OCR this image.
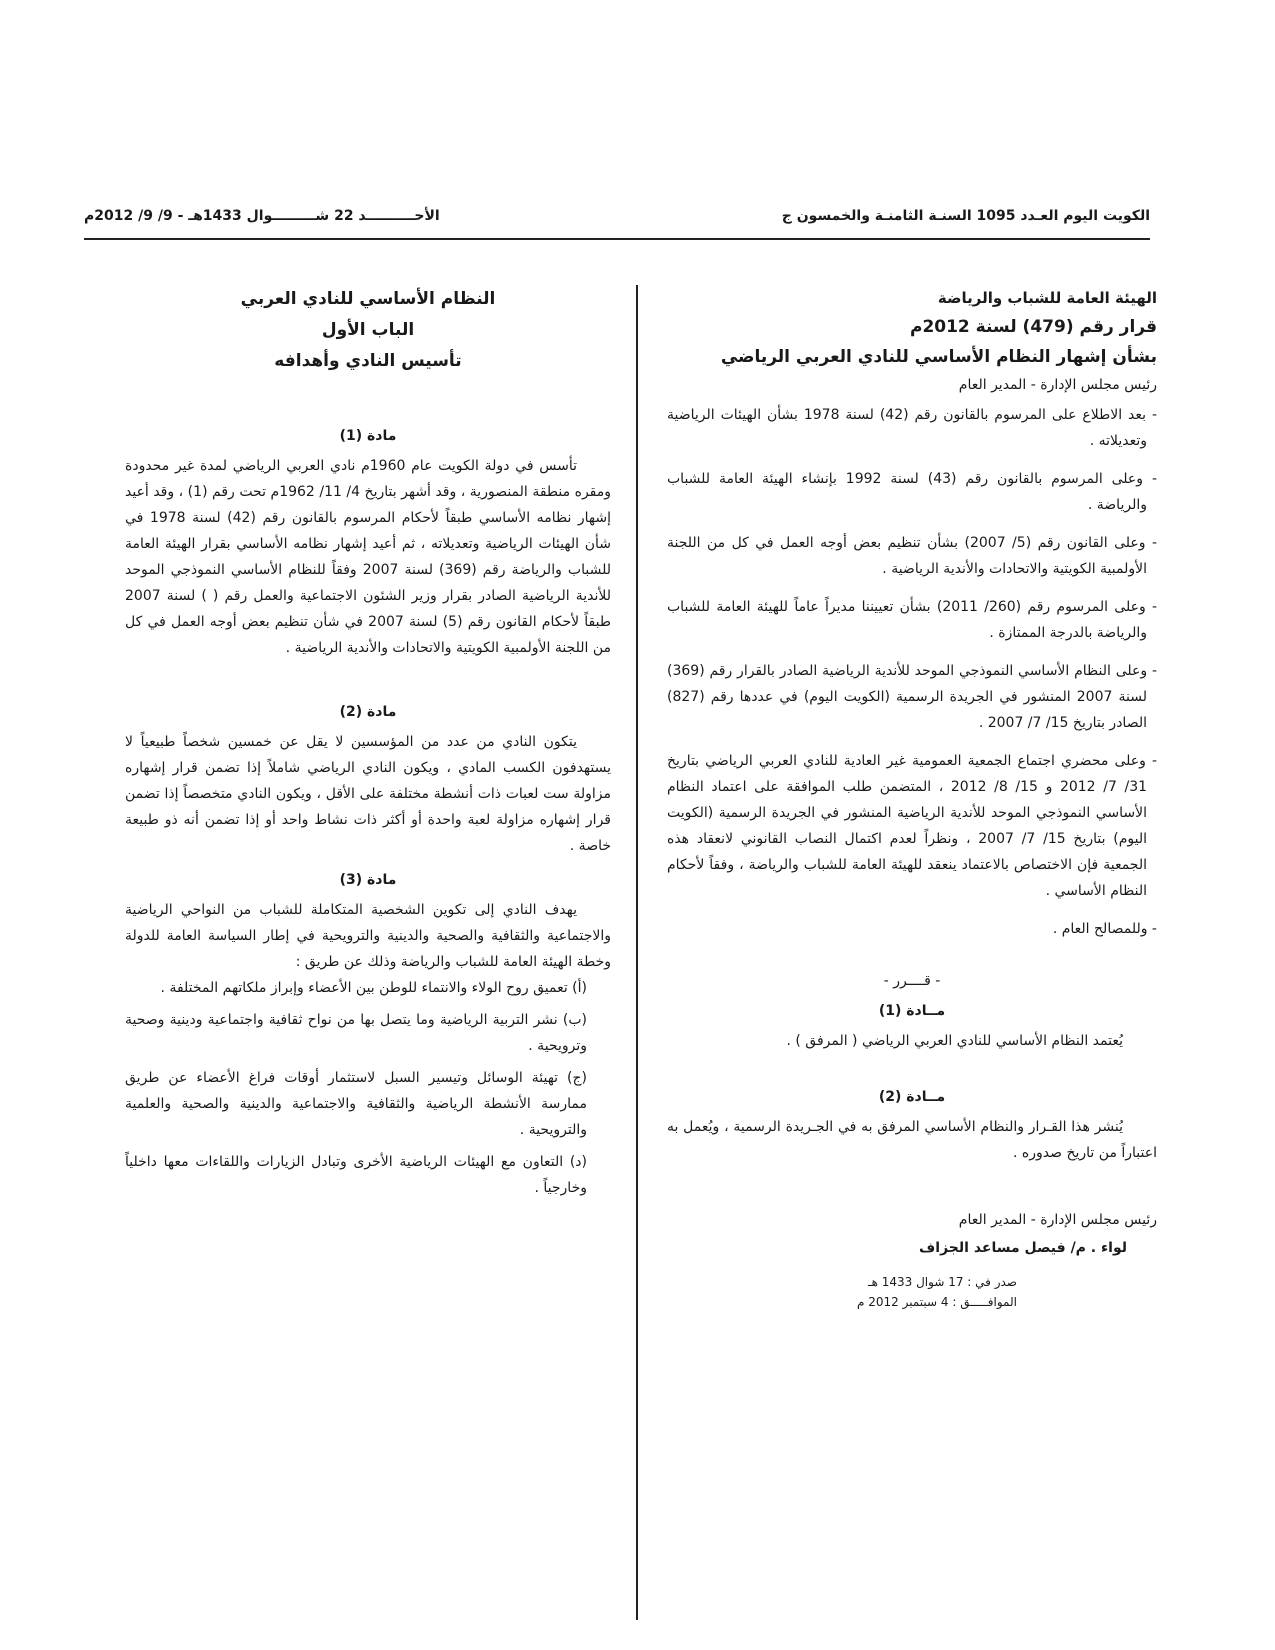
الكويت اليوم العـدد 1095 السنـة الثامنـة والخمسون ج
الأحــــــــــد 22 شـــــــــوال 1433هـ - 9/ 9/ 2012م
الهيئة العامة للشباب والرياضة
قرار رقم (479) لسنة 2012م
بشأن إشهار النظام الأساسي للنادي العربي الرياضي
رئيس مجلس الإدارة - المدير العام

- بعد الاطلاع على المرسوم بالقانون رقم (42) لسنة 1978 بشأن الهيئات الرياضية وتعديلاته .

- وعلى المرسوم بالقانون رقم (43) لسنة 1992 بإنشاء الهيئة العامة للشباب والرياضة .

- وعلى القانون رقم (5/ 2007) بشأن تنظيم بعض أوجه العمل في كل من اللجنة الأولمبية الكويتية والاتحادات والأندية الرياضية .

- وعلى المرسوم رقم (260/ 2011) بشأن تعييننا مديراً عاماً للهيئة العامة للشباب والرياضة بالدرجة الممتازة .

- وعلى النظام الأساسي النموذجي الموحد للأندية الرياضية الصادر بالقرار رقم (369) لسنة 2007 المنشور في الجريدة الرسمية (الكويت اليوم) في عددها رقم (827) الصادر بتاريخ 15/ 7/ 2007 .

- وعلى محضري اجتماع الجمعية العمومية غير العادية للنادي العربي الرياضي بتاريخ 31/ 7/ 2012 و 15/ 8/ 2012 ، المتضمن طلب الموافقة على اعتماد النظام الأساسي النموذجي الموحد للأندية الرياضية المنشور في الجريدة الرسمية (الكويت اليوم) بتاريخ 15/ 7/ 2007 ، ونظراً لعدم اكتمال النصاب القانوني لانعقاد هذه الجمعية فإن الاختصاص بالاعتماد ينعقد للهيئة العامة للشباب والرياضة ، وفقاً لأحكام النظام الأساسي .

- وللمصالح العام .

- قــــرر -
مــادة (1)

يُعتمد النظام الأساسي للنادي العربي الرياضي ( المرفق ) .

مــادة (2)

يُنشر هذا القـرار والنظام الأساسي المرفق به في الجـريدة الرسمية ، ويُعمل به اعتباراً من تاريخ صدوره .

رئيس مجلس الإدارة - المدير العام
لواء . م/ فيصل مساعد الجزاف
صدر في : 17 شوال 1433 هـ
الموافـــــق : 4 سبتمبر 2012 م
النظام الأساسي للنادي العربي
الباب الأول
تأسيس النادي وأهدافه
مادة (1)

تأسس في دولة الكويت عام 1960م نادي العربي الرياضي لمدة غير محدودة ومقره منطقة المنصورية ، وقد أشهر بتاريخ 4/ 11/ 1962م تحت رقم (1) ، وقد أعيد إشهار نظامه الأساسي طبقاً لأحكام المرسوم بالقانون رقم (42) لسنة 1978 في شأن الهيئات الرياضية وتعديلاته ، ثم أعيد إشهار نظامه الأساسي بقرار الهيئة العامة للشباب والرياضة رقم (369) لسنة 2007 وفقاً للنظام الأساسي النموذجي الموحد للأندية الرياضية الصادر بقرار وزير الشئون الاجتماعية والعمل رقم ( ) لسنة 2007 طبقاً لأحكام القانون رقم (5) لسنة 2007 في شأن تنظيم بعض أوجه العمل في كل من اللجنة الأولمبية الكويتية والاتحادات والأندية الرياضية .

مادة (2)

يتكون النادي من عدد من المؤسسين لا يقل عن خمسين شخصاً طبيعياً لا يستهدفون الكسب المادي ، ويكون النادي الرياضي شاملاً إذا تضمن قرار إشهاره مزاولة ست لعبات ذات أنشطة مختلفة على الأقل ، ويكون النادي متخصصاً إذا تضمن قرار إشهاره مزاولة لعبة واحدة أو أكثر ذات نشاط واحد أو إذا تضمن أنه ذو طبيعة خاصة .

مادة (3)

يهدف النادي إلى تكوين الشخصية المتكاملة للشباب من النواحي الرياضية والاجتماعية والثقافية والصحية والدينية والترويحية في إطار السياسة العامة للدولة وخطة الهيئة العامة للشباب والرياضة وذلك عن طريق :

(أ) تعميق روح الولاء والانتماء للوطن بين الأعضاء وإبراز ملكاتهم المختلفة .

(ب) نشر التربية الرياضية وما يتصل بها من نواح ثقافية واجتماعية ودينية وصحية وترويحية .

(ج) تهيئة الوسائل وتيسير السبل لاستثمار أوقات فراغ الأعضاء عن طريق ممارسة الأنشطة الرياضية والثقافية والاجتماعية والدينية والصحية والعلمية والترويحية .

(د) التعاون مع الهيئات الرياضية الأخرى وتبادل الزيارات واللقاءات معها داخلياً وخارجياً .
